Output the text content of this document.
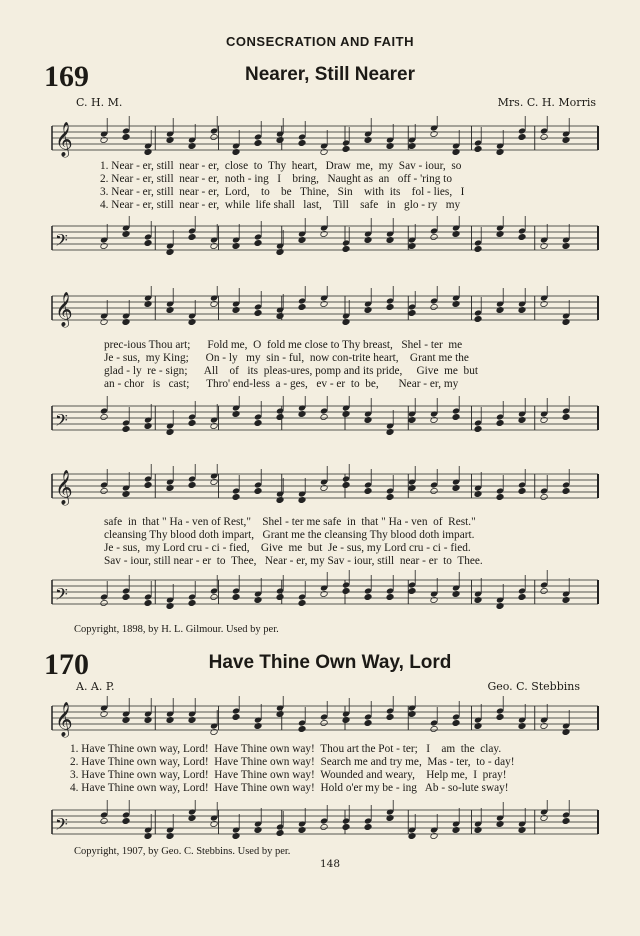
CONSECRATION AND FAITH
169	Nearer, Still Nearer
C. H. M.	Mrs. C. H. Morris
𝄞
1. Near - er, still  near - er,  close  to  Thy  heart,   Draw  me,  my  Sav - iour,  so
2. Near - er, still  near - er,  noth - ing   I    bring,   Naught as  an   off - 'ring to
3. Near - er, still  near - er,  Lord,    to    be   Thine,   Sin    with  its    fol - lies,   I
4. Near - er, still  near - er,  while  life shall   last,    Till    safe   in   glo - ry   my
𝄢
𝄞
prec-ious Thou art;      Fold me,  O  fold me close to Thy breast,   Shel - ter  me
Je - sus,  my King;      On - ly   my  sin - ful,  now con-trite heart,    Grant me the
glad - ly  re - sign;      All    of   its  pleas-ures, pomp and its pride,     Give  me  but
an - chor   is   cast;      Thro' end-less  a - ges,   ev - er  to  be,       Near - er, my
𝄢
𝄞
safe  in  that " Ha - ven of Rest,"    Shel - ter me safe  in  that " Ha - ven  of  Rest."
cleansing Thy blood doth impart,   Grant me the cleansing Thy blood doth impart.
Je - sus,  my Lord cru - ci - fied,    Give  me  but  Je - sus, my Lord cru - ci - fied.
Sav - iour, still near - er  to  Thee,   Near - er, my Sav - iour, still  near - er  to  Thee.
𝄢
Copyright, 1898, by H. L. Gilmour. Used by per.
170	Have Thine Own Way, Lord
A. A. P.	Geo. C. Stebbins
𝄞
1. Have Thine own way, Lord!  Have Thine own way!  Thou art the Pot - ter;   I    am  the  clay.
2. Have Thine own way, Lord!  Have Thine own way!  Search me and try me,  Mas - ter,  to - day!
3. Have Thine own way, Lord!  Have Thine own way!  Wounded and weary,    Help me,  I  pray!
4. Have Thine own way, Lord!  Have Thine own way!  Hold o'er my be - ing   Ab - so-lute sway!
𝄢
Copyright, 1907, by Geo. C. Stebbins. Used by per.
148
